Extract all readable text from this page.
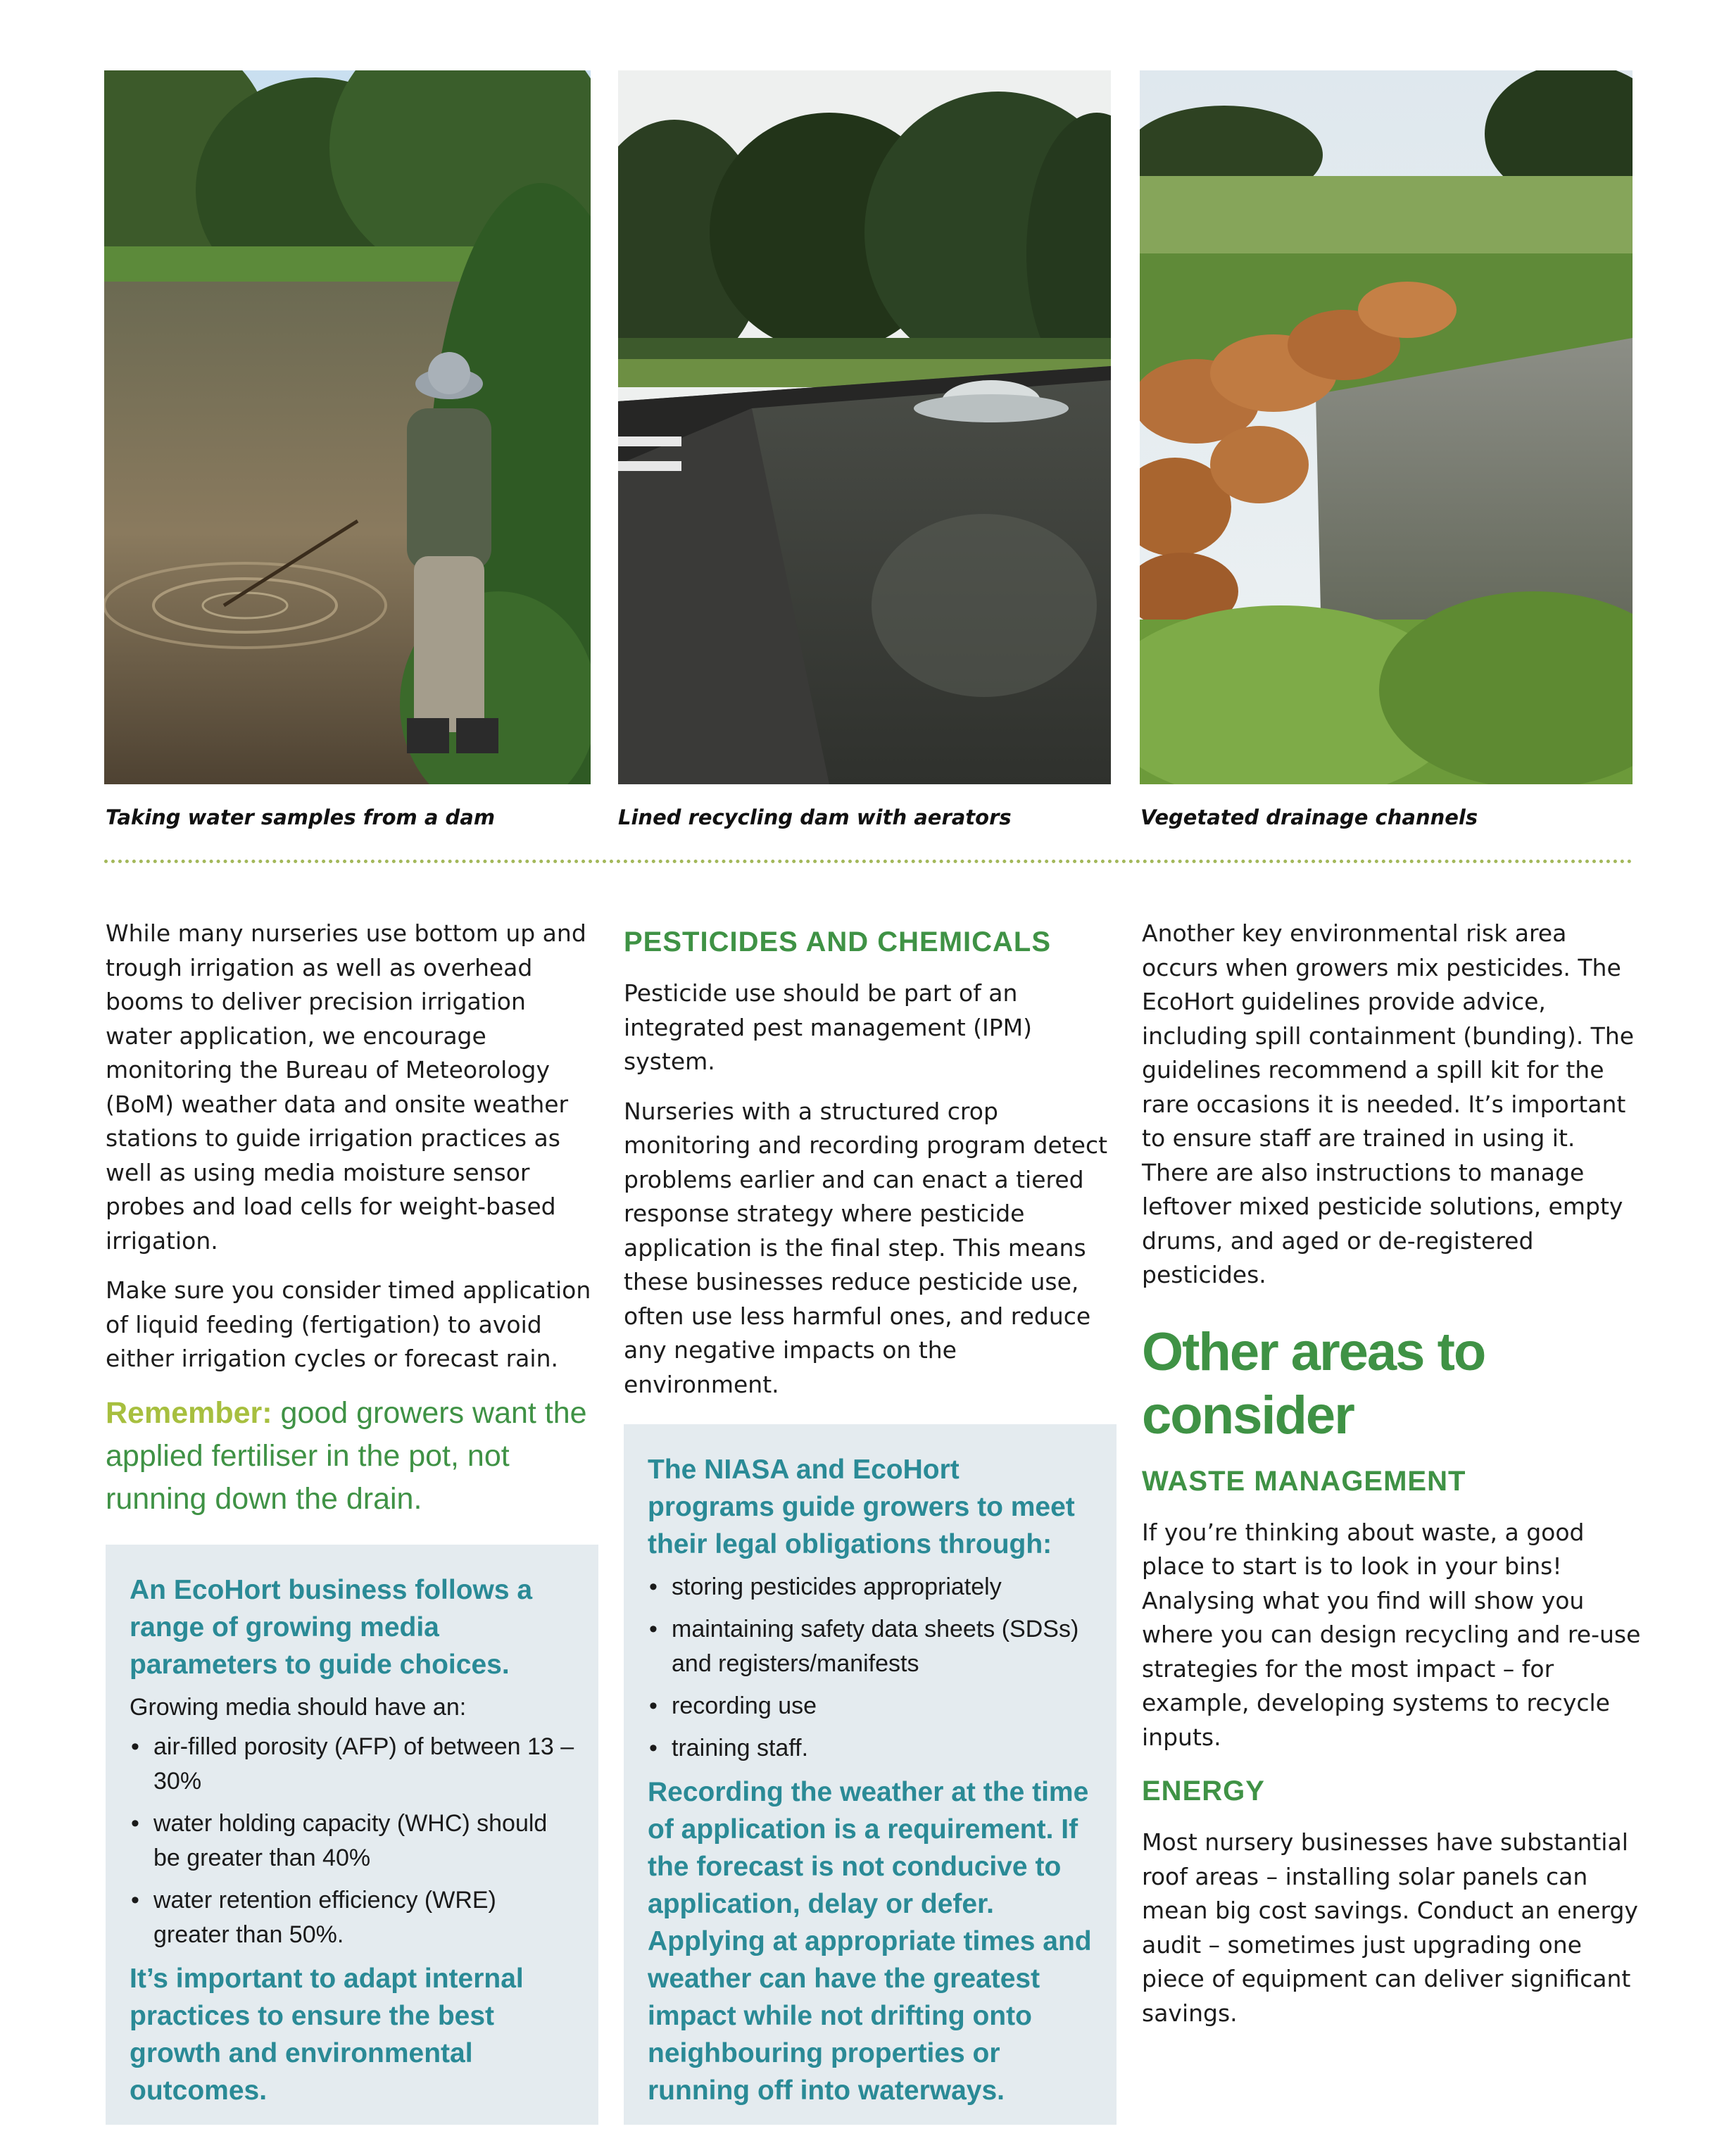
Taking water samples from a dam	Lined recycling dam with aerators	Vegetated drainage channels

While many nurseries use bottom up and trough irrigation as well as overhead booms to deliver precision irrigation water application, we encourage monitoring the Bureau of Meteorology (BoM) weather data and onsite weather stations to guide irrigation practices as well as using media moisture sensor probes and load cells for weight-based irrigation.

Make sure you consider timed application of liquid feeding (fertigation) to avoid either irrigation cycles or forecast rain.

Remember: good growers want the applied fertiliser in the pot, not running down the drain.

An EcoHort business follows a range of growing media parameters to guide choices.

Growing media should have an:

• air-filled porosity (AFP) of between 13 – 30%
• water holding capacity (WHC) should be greater than 40%
• water retention efficiency (WRE) greater than 50%.

It’s important to adapt internal practices to ensure the best growth and environmental outcomes.

PESTICIDES AND CHEMICALS

Pesticide use should be part of an integrated pest management (IPM) system.

Nurseries with a structured crop monitoring and recording program detect problems earlier and can enact a tiered response strategy where pesticide application is the final step. This means these businesses reduce pesticide use, often use less harmful ones, and reduce any negative impacts on the environment.

The NIASA and EcoHort programs guide growers to meet their legal obligations through:

• storing pesticides appropriately
• maintaining safety data sheets (SDSs) and registers/manifests
• recording use
• training staff.

Recording the weather at the time of application is a requirement. If the forecast is not conducive to application, delay or defer. Applying at appropriate times and weather can have the greatest impact while not drifting onto neighbouring properties or running off into waterways.

Another key environmental risk area occurs when growers mix pesticides. The EcoHort guidelines provide advice, including spill containment (bunding). The guidelines recommend a spill kit for the rare occasions it is needed. It’s important to ensure staff are trained in using it. There are also instructions to manage leftover mixed pesticide solutions, empty drums, and aged or de-registered pesticides.

Other areas to consider
WASTE MANAGEMENT

If you’re thinking about waste, a good place to start is to look in your bins! Analysing what you find will show you where you can design recycling and re-use strategies for the most impact – for example, developing systems to recycle inputs.

ENERGY

Most nursery businesses have substantial roof areas – installing solar panels can mean big cost savings. Conduct an energy audit – sometimes just upgrading one piece of equipment can deliver significant savings.
